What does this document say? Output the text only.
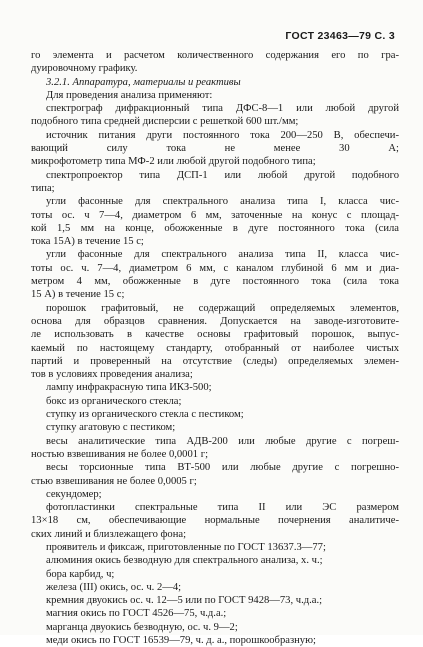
ГОСТ 23463—79 С. 3

го элемента и расчетом количественного содержания его по гра-

дуировочному графику.

3.2.1. Аппаратура, материалы и реактивы

Для проведения анализа применяют:

спектрограф дифракционный типа ДФС-8—1 или любой другой

подобного типа средней дисперсии с решеткой 600 шт./мм;

источник питания други постоянного тока 200—250 В, обеспечи-

вающий силу тока не менее 30 А;

микрофотометр типа МФ-2 или любой другой подобного типа;

спектропроектор типа ДСП-1 или любой другой подобного

типа;

угли фасонные для спектрального анализа типа I, класса чис-

тоты ос. ч 7—4, диаметром 6 мм, заточенные на конус с площад-

кой 1,5 мм на конце, обожженные в дуге постоянного тока (сила

тока 15А) в течение 15 с;

угли фасонные для спектрального анализа типа II, класса чис-

тоты ос. ч. 7—4, диаметром 6 мм, с каналом глубиной 6 мм и диа-

метром 4 мм, обожженные в дуге постоянного тока (сила тока

15 А) в течение 15 с;

порошок графитовый, не содержащий определяемых элементов,

основа для образцов сравнения. Допускается на заводе-изготовите-

ле использовать в качестве основы графитовый порошок, выпус-

каемый по настоящему стандарту, отобранный от наиболее чистых

партий и проверенный на отсутствие (следы) определяемых элемен-

тов в условиях проведения анализа;

лампу инфракрасную типа ИКЗ-500;

бокс из органического стекла;

ступку из органического стекла с пестиком;

ступку агатовую с пестиком;

весы аналитические типа АДВ-200 или любые другие с погреш-

ностью взвешивания не более 0,0001 г;

весы торсионные типа ВТ-500 или любые другие с погрешно-

стью взвешивания не более 0,0005 г;

секундомер;

фотопластинки спектральные типа II или ЭС размером

13×18 см, обеспечивающие нормальные почернения аналитиче-

ских линий и близлежащего фона;

проявитель и фиксаж, приготовленные по ГОСТ 13637.3—77;

алюминия окись безводную для спектрального анализа, х. ч.;

бора карбид, ч;

железа (III) окись, ос. ч. 2—4;

кремния двуокись ос. ч. 12—5 или по ГОСТ 9428—73, ч.д.а.;

магния окись по ГОСТ 4526—75, ч.д.а.;

марганца двуокись безводную, ос. ч. 9—2;

меди окись по ГОСТ 16539—79, ч. д. а., порошкообразную;
